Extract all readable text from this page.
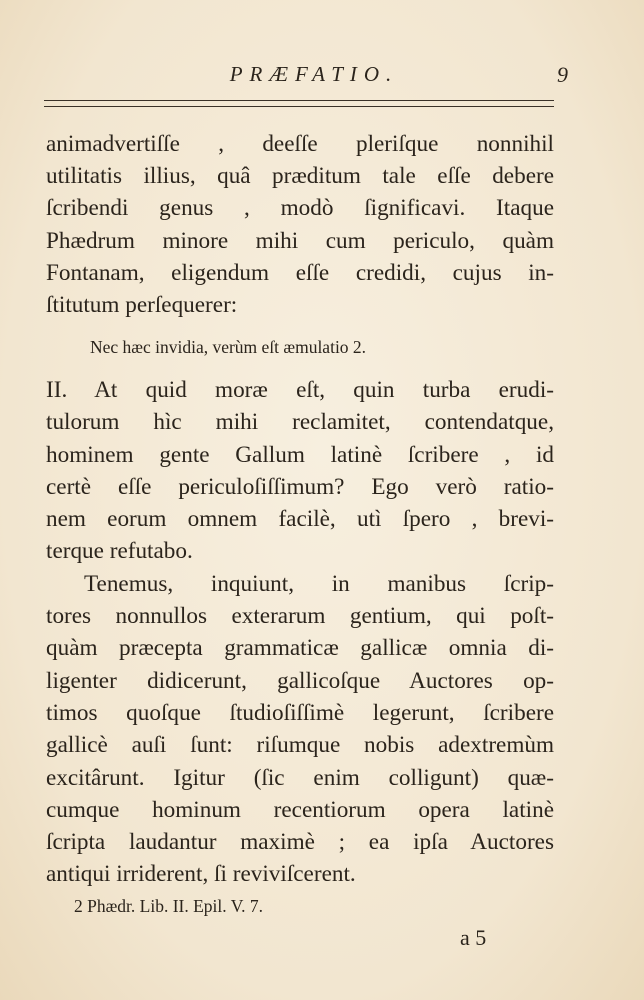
PRÆFATIO.	9
animadvertiſſe , deeſſe pleriſque nonnihil
utilitatis illius, quâ præditum tale eſſe debere
ſcribendi genus , modò ſignificavi. Itaque
Phædrum minore mihi cum periculo, quàm
Fontanam, eligendum eſſe credidi, cujus in-
ſtitutum perſequerer:
Nec hæc invidia, verùm eſt æmulatio 2.
II. At quid moræ eſt, quin turba erudi-
tulorum hìc mihi reclamitet, contendatque,
hominem gente Gallum latinè ſcribere , id
certè eſſe periculoſiſſimum? Ego verò ratio-
nem eorum omnem facilè, utì ſpero , brevi-
terque refutabo.
Tenemus, inquiunt, in manibus ſcrip-
tores nonnullos exterarum gentium, qui poſt-
quàm præcepta grammaticæ gallicæ omnia di-
ligenter didicerunt, gallicoſque Auctores op-
timos quoſque ſtudioſiſſimè legerunt, ſcribere
gallicè auſi ſunt: riſumque nobis adextremùm
excitârunt. Igitur (ſic enim colligunt) quæ-
cumque hominum recentiorum opera latinè
ſcripta laudantur maximè ; ea ipſa Auctores
antiqui irriderent, ſi reviviſcerent.
2 Phædr. Lib. II. Epil. V. 7.
a 5
